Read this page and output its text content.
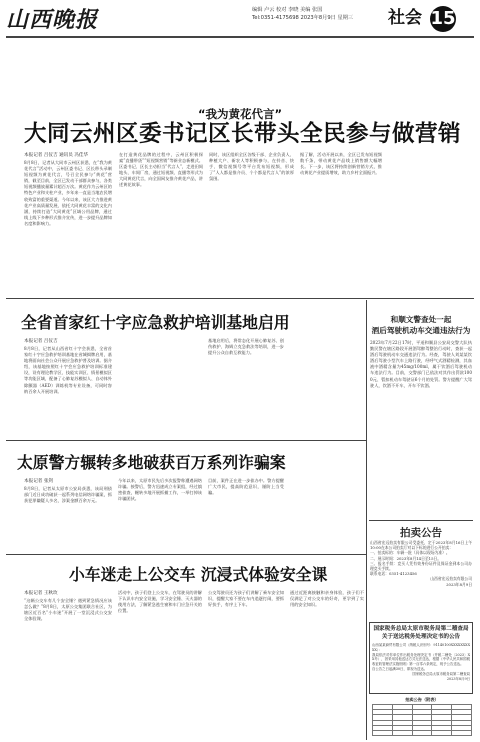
山西晚报	编辑 卢云 校对 李晓 美编 张国
Tel:0351-4175698 2023年8月9日 星期三 社会 15
“我为黄花代言”
大同云州区委书记区长带头全民参与做营销
本报记者 吕仪吉 通讯员 冯佳华
8月8日，记者从大同市云州区获悉，在“我为黄花代言”活动中，云州区委书记、区长带头录制短视频为黄花代言，号召全民参与“黄花”营销，截至目前，全区已发动干部群众参与，各类短视频播放量累计超百万次。黄花作为云州区的特色产业和支柱产业，多年来一直是当地农民增收致富的重要渠道。今年以来，该区大力推进黄花产业高质量发展，依托大同黄花丰富的文化内涵，持续打造“大同黄花”区域公用品牌，通过线上线下多种形式推介宣传，进一步提升品牌知名度和影响力。
在打造黄花品牌的过程中，云州区积极探索“直播带货”“短视频营销”等新业态新模式。区委书记、区长主动担当“代言人”，走进田间地头、车间厂房，通过短视频、直播等形式为大同黄花代言，向全国网友推介黄花产品，讲述黄花故事。
同时，该区组织全区各级干部、企业负责人、种植大户、新农人等积极参与，在抖音、快手、微信视频号等平台发布短视频，形成了“人人都是推介员、个个都是代言人”的浓厚氛围。
据了解，活动开展以来，全区已发布短视频数千条，带动黄花产品线上销售额大幅增长。下一步，该区将持续创新营销方式，推动黄花产业提质增效，助力乡村全面振兴。
全省首家红十字应急救护培训基地启用
本报记者 吕仪吉
8月8日，记者从山西省红十字会获悉，全省首家红十字应急救护培训基地在省城揭牌启用，基地将面向社会公众开展应急救护普及培训。据介绍，该基地按照红十字会应急救护培训标准建设，设有理论教学区、技能实训区、情景模拟区等功能区域，配备了心肺复苏模拟人、自动体外除颤器（AED）训练机等专业设备，可同时容纳百余人开展培训。
基地启用后，将常态化开展心肺复苏、创伤救护、海姆立克急救法等培训，进一步提升公众自救互救能力。
太原警方辗转多地破获百万系列诈骗案
本报记者 张剑
8月8日，记者从太原市公安局获悉，该局刑侦部门近日成功破获一起系列电信网络诈骗案，抓获犯罪嫌疑人多名，涉案金额百余万元。
今年以来，太原市民先后多次报警称遭遇网络诈骗。接警后，警方迅速成立专案组，经过缜密侦查，辗转多地开展抓捕工作，一举打掉该诈骗团伙。
目前，案件正在进一步侦办中。警方提醒广大市民，提高防范意识，谨防上当受骗。
小车迷走上公交车 沉浸式体验安全课
本报记者 王秋玫
“这辆公交车有几个安全锤？遇到紧急情况应该怎么做？”8月8日，太原公交集团联合社区，为辖区近百名“小车迷”开展了一堂沉浸式公交安全体验课。
活动中，孩子们登上公交车，在驾驶员的讲解下认识车内安全设施，学习安全锤、灭火器的使用方法，了解紧急逃生窗和车门应急开关的位置。
公交驾驶员还为孩子们讲解了乘车安全知识，提醒大家不要在车内追逐打闹，要抓好扶手，有序上下车。
通过近距离接触和亲身体验，孩子们不仅满足了对公交车的好奇，更学到了实用的安全知识。
和顺文警查处一起
酒后驾驶机动车交通违法行为
2023年7月22日17时，平遥和顺县公安局交警大队执勤民警在辖区路段开展酒驾醉驾整治行动时，查获一起酒后驾驶机动车交通违法行为。经查，驾驶人刘某某饮酒后驾驶小型汽车上路行驶，经呼气式酒精检测，其血液中酒精含量为45mg/100ml，属于饮酒后驾驶机动车违法行为。目前，交警部门已依法对其作出罚款1000元、暂扣机动车驾驶证6个月的处罚。警方提醒广大驾驶人，饮酒不开车，开车不饮酒。
拍卖公告
山西省宏远拍卖有限公司受委托，定于2023年8月16日上午10:00在本公司拍卖厅对以下标的进行公开拍卖：
一、拍卖标的：车辆一批（具体以现场为准）。
二、展示时间：2023年8月14日至15日。
三、报名手续：竞买人凭有效身份证件及保证金到本公司办理竞买手续。
联系电话：0351-4123456
山西省宏远拍卖有限公司
2023年8月9日
国家税务总局太原市税务局第二稽查局
关于送达税务处理决定书的公告
山西某某商贸有限公司（纳税人识别号：91140100XXXXXXXXXX）：
我局依法对你单位作出税务处理决定书（并税二稽处〔2023〕XX号），因采用其他送达方式无法送达，根据《中华人民共和国税收征收管理法实施细则》第一百零六条规定，现予公告送达。
自公告之日起满30日，即视为送达。
国家税务总局太原市税务局第二稽查局
2023年8月9日
拍卖公告（附表）
